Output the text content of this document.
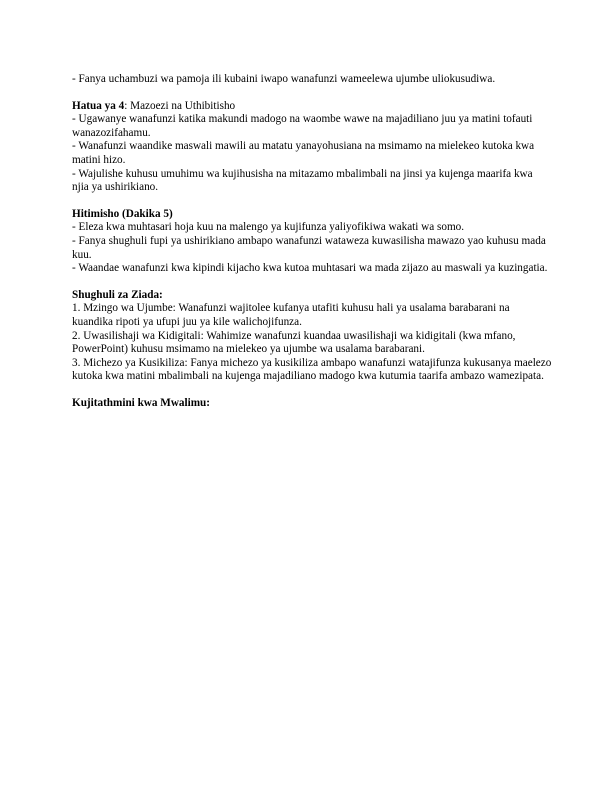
- Fanya uchambuzi wa pamoja ili kubaini iwapo wanafunzi wameelewa ujumbe uliokusudiwa.

Hatua ya 4: Mazoezi na Uthibitisho

- Ugawanye wanafunzi katika makundi madogo na waombe wawe na majadiliano juu ya matini tofauti wanazozifahamu.

- Wanafunzi waandike maswali mawili au matatu yanayohusiana na msimamo na mielekeo kutoka kwa matini hizo.

- Wajulishe kuhusu umuhimu wa kujihusisha na mitazamo mbalimbali na jinsi ya kujenga maarifa kwa njia ya ushirikiano.

Hitimisho (Dakika 5)

- Eleza kwa muhtasari hoja kuu na malengo ya kujifunza yaliyofikiwa wakati wa somo.

- Fanya shughuli fupi ya ushirikiano ambapo wanafunzi wataweza kuwasilisha mawazo yao kuhusu mada kuu.

- Waandae wanafunzi kwa kipindi kijacho kwa kutoa muhtasari wa mada zijazo au maswali ya kuzingatia.

Shughuli za Ziada:

1. Mzingo wa Ujumbe: Wanafunzi wajitolee kufanya utafiti kuhusu hali ya usalama barabarani na kuandika ripoti ya ufupi juu ya kile walichojifunza.

2. Uwasilishaji wa Kidigitali: Wahimize wanafunzi kuandaa uwasilishaji wa kidigitali (kwa mfano, PowerPoint) kuhusu msimamo na mielekeo ya ujumbe wa usalama barabarani.

3. Michezo ya Kusikiliza: Fanya michezo ya kusikiliza ambapo wanafunzi watajifunza kukusanya maelezo kutoka kwa matini mbalimbali na kujenga majadiliano madogo kwa kutumia taarifa ambazo wamezipata.

Kujitathmini kwa Mwalimu:
